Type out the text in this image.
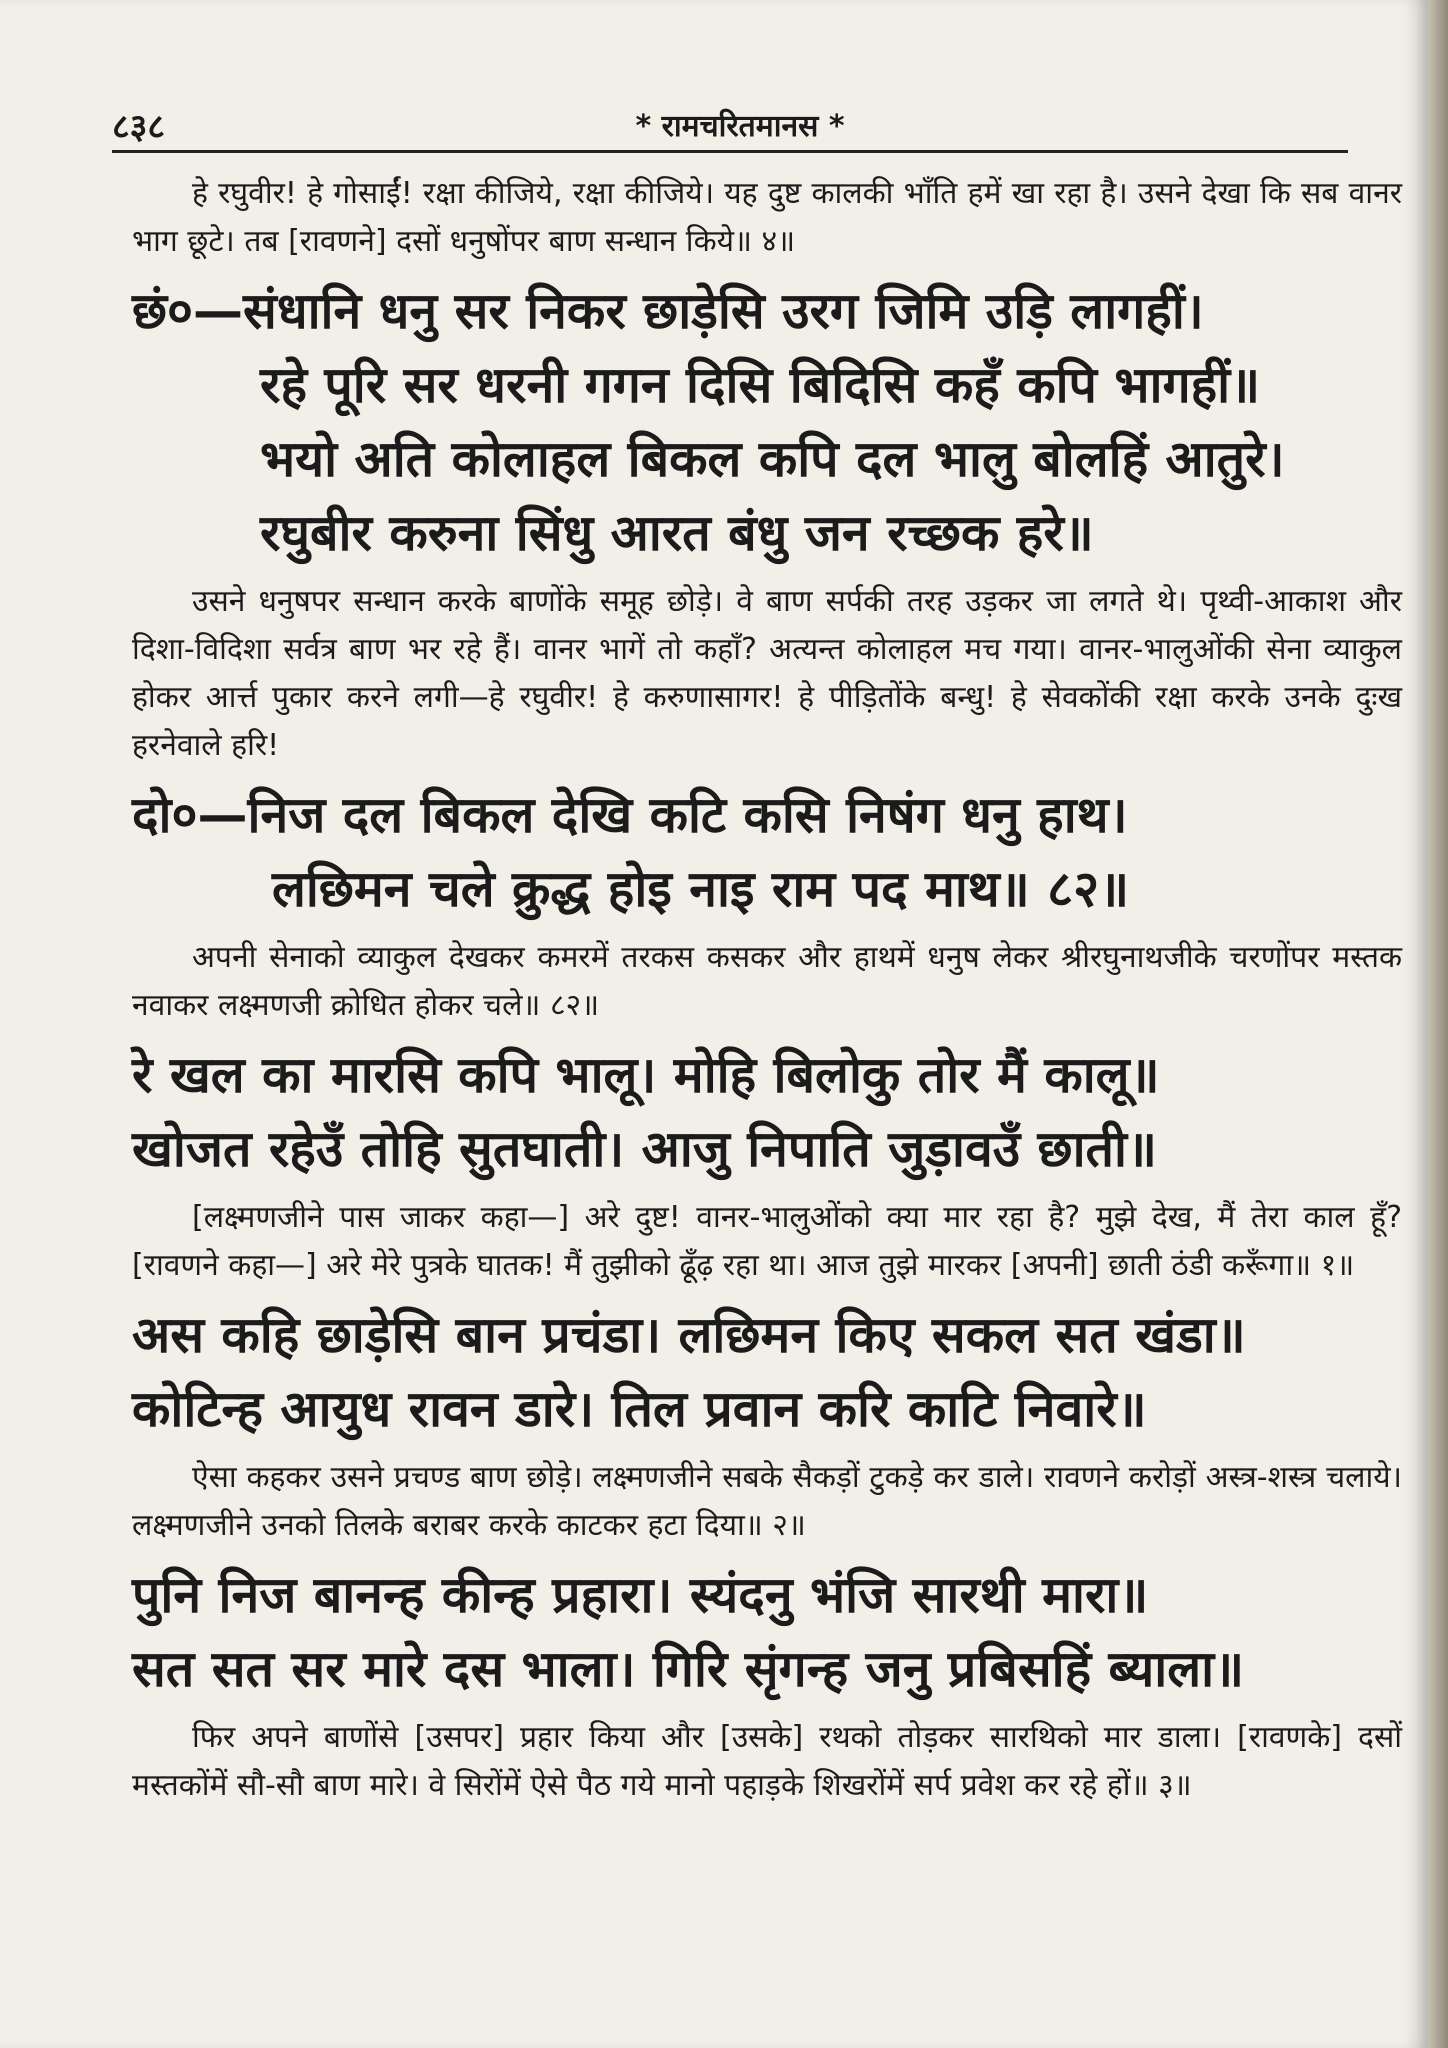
८३८	* रामचरितमानस *

हे रघुवीर! हे गोसाईं! रक्षा कीजिये, रक्षा कीजिये। यह दुष्ट कालकी भाँति हमें खा रहा है। उसने देखा कि सब वानर भाग छूटे। तब [रावणने] दसों धनुषोंपर बाण सन्धान किये॥ ४॥

छं०—संधानि धनु सर निकर छाड़ेसि उरग जिमि उड़ि लागहीं।
रहे पूरि सर धरनी गगन दिसि बिदिसि कहँ कपि भागहीं॥
भयो अति कोलाहल बिकल कपि दल भालु बोलहिं आतुरे।
रघुबीर करुना सिंधु आरत बंधु जन रच्छक हरे॥

उसने धनुषपर सन्धान करके बाणोंके समूह छोड़े। वे बाण सर्पकी तरह उड़कर जा लगते थे। पृथ्वी-आकाश और दिशा-विदिशा सर्वत्र बाण भर रहे हैं। वानर भागें तो कहाँ? अत्यन्त कोलाहल मच गया। वानर-भालुओंकी सेना व्याकुल होकर आर्त्त पुकार करने लगी—हे रघुवीर! हे करुणासागर! हे पीड़ितोंके बन्धु! हे सेवकोंकी रक्षा करके उनके दुःख हरनेवाले हरि!

दो०—निज दल बिकल देखि कटि कसि निषंग धनु हाथ।
लछिमन चले क्रुद्ध होइ नाइ राम पद माथ॥ ८२॥

अपनी सेनाको व्याकुल देखकर कमरमें तरकस कसकर और हाथमें धनुष लेकर श्रीरघुनाथजीके चरणोंपर मस्तक नवाकर लक्ष्मणजी क्रोधित होकर चले॥ ८२॥

रे खल का मारसि कपि भालू। मोहि बिलोकु तोर मैं कालू॥
खोजत रहेउँ तोहि सुतघाती। आजु निपाति जुड़ावउँ छाती॥

[लक्ष्मणजीने पास जाकर कहा—] अरे दुष्ट! वानर-भालुओंको क्या मार रहा है? मुझे देख, मैं तेरा काल हूँ? [रावणने कहा—] अरे मेरे पुत्रके घातक! मैं तुझीको ढूँढ़ रहा था। आज तुझे मारकर [अपनी] छाती ठंडी करूँगा॥ १॥

अस कहि छाड़ेसि बान प्रचंडा। लछिमन किए सकल सत खंडा॥
कोटिन्ह आयुध रावन डारे। तिल प्रवान करि काटि निवारे॥

ऐसा कहकर उसने प्रचण्ड बाण छोड़े। लक्ष्मणजीने सबके सैकड़ों टुकड़े कर डाले। रावणने करोड़ों अस्त्र-शस्त्र चलाये। लक्ष्मणजीने उनको तिलके बराबर करके काटकर हटा दिया॥ २॥

पुनि निज बानन्ह कीन्ह प्रहारा। स्यंदनु भंजि सारथी मारा॥
सत सत सर मारे दस भाला। गिरि सृंगन्ह जनु प्रबिसहिं ब्याला॥

फिर अपने बाणोंसे [उसपर] प्रहार किया और [उसके] रथको तोड़कर सारथिको मार डाला। [रावणके] दसों मस्तकोंमें सौ-सौ बाण मारे। वे सिरोंमें ऐसे पैठ गये मानो पहाड़के शिखरोंमें सर्प प्रवेश कर रहे हों॥ ३॥
